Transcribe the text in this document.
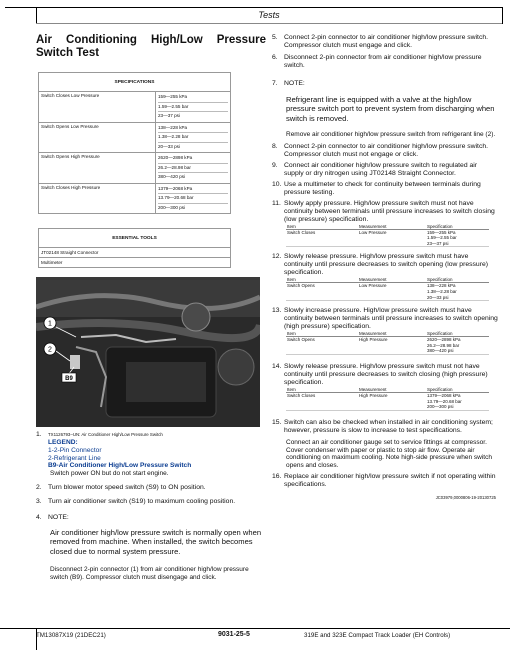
Tests
Air Conditioning High/Low Pressure
Switch Test
SPECIFICATIONS	
Switch Closes Low Pressure	159—255 kPa
1.59—2.55 bar
23—37 psi

Switch Opens Low Pressure	138—228 kPa
1.38—2.28 bar
20—33 psi

Switch Opens High Pressure	2620—2898 kPa
26.2—28.98 bar
380—420 psi

Switch Closes High Pressure	1379—2068 kPa
13.79—20.68 bar
200—300 psi
ESSENTIAL TOOLS
JT02148 Straight Connector
Multimeter
1
2
B9
1. TX1126793–UN: Air Conditioner High/Low Pressure Switch
LEGEND:
1-2-Pin Connector
2-Refrigerant Line
B9-Air Conditioner High/Low Pressure Switch
Switch power ON but do not start engine.
2. Turn blower motor speed switch (S9) to ON position.
3. Turn air conditioner switch (S19) to maximum cooling position.
4. NOTE:
Air conditioner high/low pressure switch is normally open when removed from machine. When installed, the switch becomes closed due to normal system pressure.
Disconnect 2-pin connector (1) from air conditioner high/low pressure switch (B9). Compressor clutch must disengage and click.
5. Connect 2-pin connector to air conditioner high/low pressure switch. Compressor clutch must engage and click.
6. Disconnect 2-pin connector from air conditioner high/low pressure switch.
7. NOTE:
Refrigerant line is equipped with a valve at the high/low pressure switch port to prevent system from discharging when switch is removed.
Remove air conditioner high/low pressure switch from refrigerant line (2).
8. Connect 2-pin connector to air conditioner high/low pressure switch. Compressor clutch must not engage or click.
9. Connect air conditioner high/low pressure switch to regulated air supply or dry nitrogen using JT02148 Straight Connector.
10. Use a multimeter to check for continuity between terminals during pressure testing.
11. Slowly apply pressure. High/low pressure switch must not have continuity between terminals until pressure increases to switch closing (low pressure) specification.
Item	Measurement	Specification
Switch Closes	Low Pressure	159—255 kPa
1.59—2.55 bar
23—37 psi
12. Slowly release pressure. High/low pressure switch must have continuity until pressure decreases to switch opening (low pressure) specification.
Item	Measurement	Specification
Switch Opens	Low Pressure	138—228 kPa
1.38—2.28 bar
20—33 psi
13. Slowly increase pressure. High/low pressure switch must have continuity between terminals until pressure increases to switch opening (high pressure) specification.
Item	Measurement	Specification
Switch Opens	High Pressure	2620—2898 kPa
26.2—28.98 bar
380—420 psi
14. Slowly release pressure. High/low pressure switch must not have continuity until pressure decreases to switch closing (high pressure) specification.
Item	Measurement	Specification
Switch Closes	High Pressure	1379—2068 kPa
13.79—20.68 bar
200—300 psi
15. Switch can also be checked when installed in air conditioning system; however, pressure is slow to increase to test specifications.
Connect an air conditioner gauge set to service fittings at compressor. Cover condenser with paper or plastic to stop air flow. Operate air conditioning on maximum cooling. Note high-side pressure when switch opens and closes.
16. Replace air conditioner high/low pressure switch if not operating within specifications.
JC03979,0000806-19-20130725
TM13087X19 (21DEC21)	9031-25-5	319E and 323E Compact Track Loader (EH Controls)
